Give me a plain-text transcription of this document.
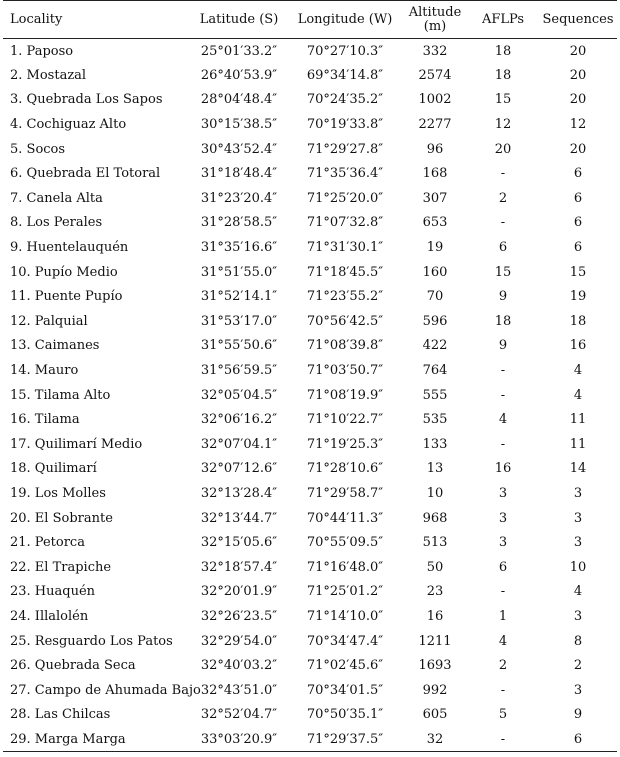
Locality	Latitude (S)	Longitude (W)	Altitude (m)	AFLPs	Sequences
1. Paposo	25°01′33.2″	70°27′10.3″	332	18	20
2. Mostazal	26°40′53.9″	69°34′14.8″	2574	18	20
3. Quebrada Los Sapos	28°04′48.4″	70°24′35.2″	1002	15	20
4. Cochiguaz Alto	30°15′38.5″	70°19′33.8″	2277	12	12
5. Socos	30°43′52.4″	71°29′27.8″	96	20	20
6. Quebrada El Totoral	31°18′48.4″	71°35′36.4″	168	-	6
7. Canela Alta	31°23′20.4″	71°25′20.0″	307	2	6
8. Los Perales	31°28′58.5″	71°07′32.8″	653	-	6
9. Huentelauquén	31°35′16.6″	71°31′30.1″	19	6	6
10. Pupío Medio	31°51′55.0″	71°18′45.5″	160	15	15
11. Puente Pupío	31°52′14.1″	71°23′55.2″	70	9	19
12. Palquial	31°53′17.0″	70°56′42.5″	596	18	18
13. Caimanes	31°55′50.6″	71°08′39.8″	422	9	16
14. Mauro	31°56′59.5″	71°03′50.7″	764	-	4
15. Tilama Alto	32°05′04.5″	71°08′19.9″	555	-	4
16. Tilama	32°06′16.2″	71°10′22.7″	535	4	11
17. Quilimarí Medio	32°07′04.1″	71°19′25.3″	133	-	11
18. Quilimarí	32°07′12.6″	71°28′10.6″	13	16	14
19. Los Molles	32°13′28.4″	71°29′58.7″	10	3	3
20. El Sobrante	32°13′44.7″	70°44′11.3″	968	3	3
21. Petorca	32°15′05.6″	70°55′09.5″	513	3	3
22. El Trapiche	32°18′57.4″	71°16′48.0″	50	6	10
23. Huaquén	32°20′01.9″	71°25′01.2″	23	-	4
24. Illalolén	32°26′23.5″	71°14′10.0″	16	1	3
25. Resguardo Los Patos	32°29′54.0″	70°34′47.4″	1211	4	8
26. Quebrada Seca	32°40′03.2″	71°02′45.6″	1693	2	2
27. Campo de Ahumada Bajo	32°43′51.0″	70°34′01.5″	992	-	3
28. Las Chilcas	32°52′04.7″	70°50′35.1″	605	5	9
29. Marga Marga	33°03′20.9″	71°29′37.5″	32	-	6
